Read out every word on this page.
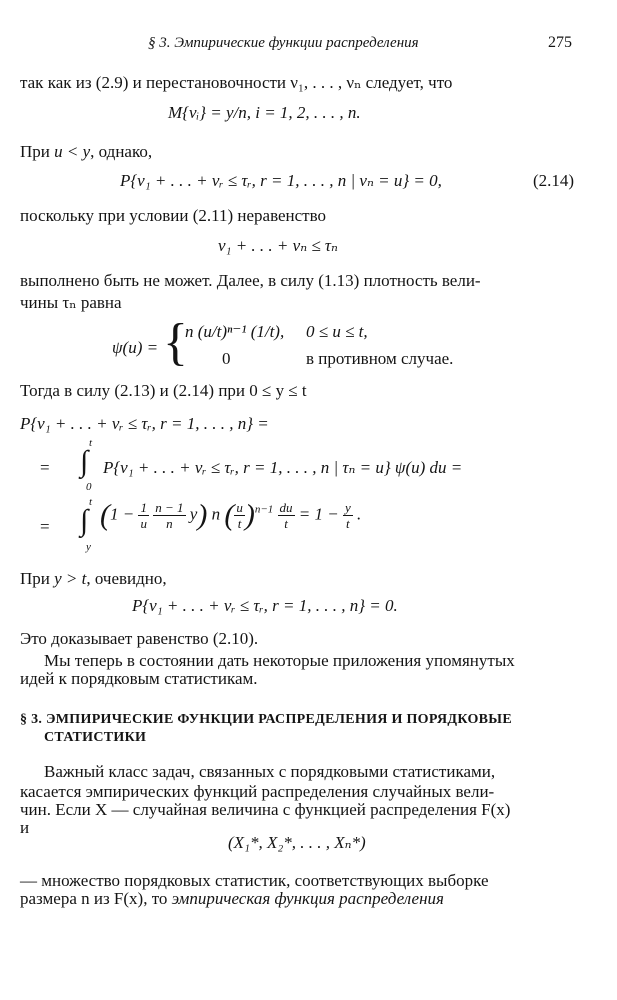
§ 3. Эмпирические функции распределения	275
так как из (2.9) и перестановочности ν₁, . . . , νₙ следует, что
M{νᵢ} = y/n, i = 1, 2, . . . , n.
При u < y, однако,
P{ν₁ + . . . + νᵣ ≤ τᵣ, r = 1, . . . , n | νₙ = u} = 0,	(2.14)
поскольку при условии (2.11) неравенство
ν₁ + . . . + νₙ ≤ τₙ
выполнено быть не может. Далее, в силу (1.13) плотность вели-
чины τₙ равна
ψ(u) = {
n (u/t)ⁿ⁻¹ (1/t), 0 ≤ u ≤ t,
0	в противном случае.
Тогда в силу (2.13) и (2.14) при 0 ≤ y ≤ t
P{ν₁ + . . . + νᵣ ≤ τᵣ, r = 1, . . . , n} =
=
t
∫
0
P{ν₁ + . . . + νᵣ ≤ τᵣ, r = 1, . . . , n | τₙ = u} ψ(u) du =
=
t
∫
y
($1 - \frac{1}{u}$
$\frac{n - 1}{n} y$) n ( $\frac{u}{t} )^{n-1} \frac{du}{t} = 1 - \frac{y}{t}$ .
При y > t, очевидно,
P{ν₁ + . . . + νᵣ ≤ τᵣ, r = 1, . . . , n} = 0.
Это доказывает равенство (2.10).
Мы теперь в состоянии дать некоторые приложения упомянутых
идей к порядковым статистикам.
§ 3. ЭМПИРИЧЕСКИЕ ФУНКЦИИ РАСПРЕДЕЛЕНИЯ И ПОРЯДКОВЫЕ
СТАТИСТИКИ
Важный класс задач, связанных с порядковыми статистиками,
касается эмпирических функций распределения случайных вели-
чин. Если X — случайная величина с функцией распределения F(x)
и
(X₁*, X₂*, . . . , Xₙ*)
— множество порядковых статистик, соответствующих выборке
размера n из F(x), то эмпирическая функция распределения
